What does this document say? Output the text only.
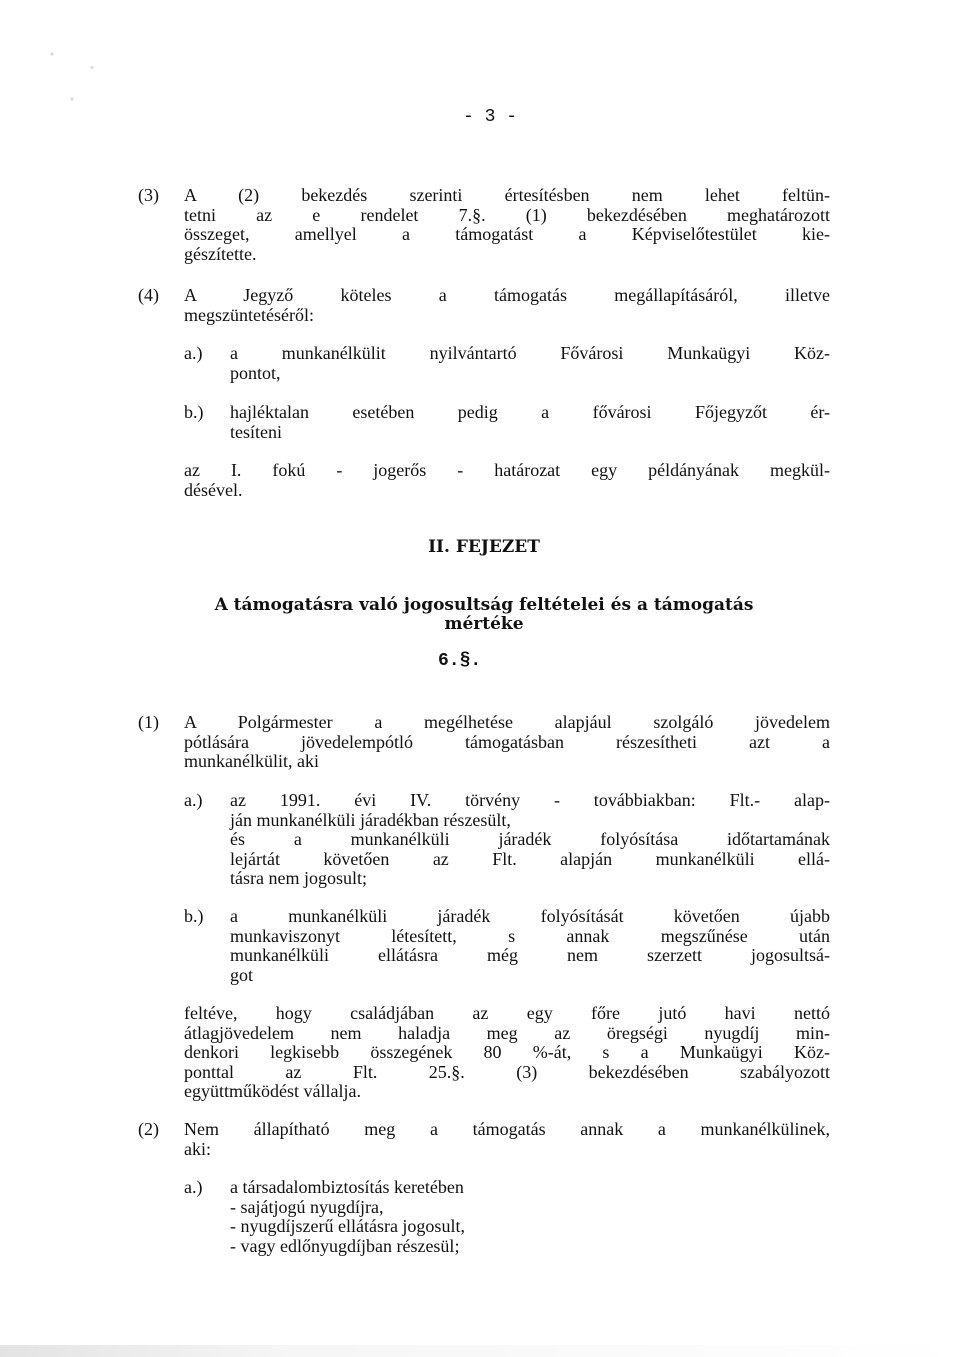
- 3 -
(3)	A (2) bekezdés szerinti értesítésben nem lehet feltün-
tetni az e rendelet 7.§. (1) bekezdésében meghatározott
összeget, amellyel a támogatást a Képviselőtestület kie-
gészítette.
(4)	A Jegyző köteles a támogatás megállapításáról, illetve
megszüntetéséről:
a.)	a munkanélkülit nyilvántartó Fővárosi Munkaügyi Köz-
pontot,
b.)	hajléktalan esetében pedig a fővárosi Főjegyzőt ér-
tesíteni
az I. fokú - jogerős - határozat egy példányának megkül-
désével.
II. FEJEZET
A támogatásra való jogosultság feltételei és a támogatás
mértéke
6.§.
(1)	A Polgármester a megélhetése alapjául szolgáló jövedelem
pótlására jövedelempótló támogatásban részesítheti azt a
munkanélkülit, aki
a.)	az 1991. évi IV. törvény - továbbiakban: Flt.- alap-
ján munkanélküli járadékban részesült,
és a munkanélküli járadék folyósítása időtartamának
lejártát követően az Flt. alapján munkanélküli ellá-
tásra nem jogosult;
b.)	a munkanélküli járadék folyósítását követően újabb
munkaviszonyt létesített, s annak megszűnése után
munkanélküli ellátásra még nem szerzett jogosultsá-
got
feltéve, hogy családjában az egy főre jutó havi nettó
átlagjövedelem nem haladja meg az öregségi nyugdíj min-
denkori legkisebb összegének 80 %-át, s a Munkaügyi Köz-
ponttal az Flt. 25.§. (3) bekezdésében szabályozott
együttműködést vállalja.
(2)	Nem állapítható meg a támogatás annak a munkanélkülinek,
aki:
a.)	a társadalombiztosítás keretében
- sajátjogú nyugdíjra,
- nyugdíjszerű ellátásra jogosult,
- vagy edlőnyugdíjban részesül;
